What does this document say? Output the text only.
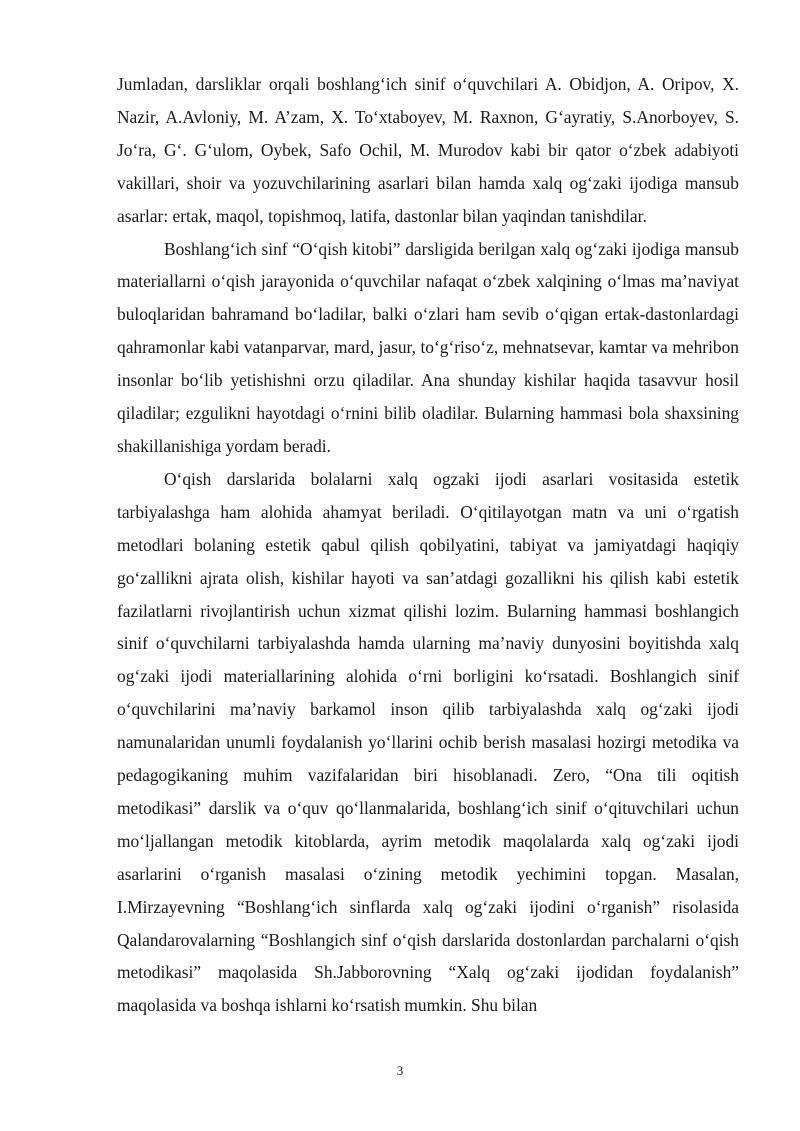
Jumladan, darsliklar orqali boshlang‘ich sinif o‘quvchilari A. Obidjon, A. Oripov, X. Nazir, A.Avloniy, M. A’zam, X. To‘xtaboyev, M. Raxnon, G‘ayratiy, S.Anorboyev, S. Jo‘ra, G‘. G‘ulom, Oybek, Safo Ochil, M. Murodov kabi bir qator o‘zbek adabiyoti vakillari, shoir va yozuvchilarining asarlari bilan hamda xalq og‘zaki ijodiga mansub asarlar: ertak, maqol, topishmoq, latifa, dastonlar bilan yaqindan tanishdilar.

Boshlang‘ich sinf “O‘qish kitobi” darsligida berilgan xalq og‘zaki ijodiga mansub materiallarni o‘qish jarayonida o‘quvchilar nafaqat o‘zbek xalqining o‘lmas ma’naviyat buloqlaridan bahramand bo‘ladilar, balki o‘zlari ham sevib o‘qigan ertak-dastonlardagi qahramonlar kabi vatanparvar, mard, jasur, to‘g‘riso‘z, mehnatsevar, kamtar va mehribon insonlar bo‘lib yetishishni orzu qiladilar. Ana shunday kishilar haqida tasavvur hosil qiladilar; ezgulikni hayotdagi o‘rnini bilib oladilar. Bularning hammasi bola shaxsining shakillanishiga yordam beradi.

O‘qish darslarida bolalarni xalq ogzaki ijodi asarlari vositasida estetik tarbiyalashga ham alohida ahamyat beriladi. O‘qitilayotgan matn va uni o‘rgatish metodlari bolaning estetik qabul qilish qobilyatini, tabiyat va jamiyatdagi haqiqiy go‘zallikni ajrata olish, kishilar hayoti va san’atdagi gozallikni his qilish kabi estetik fazilatlarni rivojlantirish uchun xizmat qilishi lozim. Bularning hammasi boshlangich sinif o‘quvchilarni tarbiyalashda hamda ularning ma’naviy dunyosini boyitishda xalq og‘zaki ijodi materiallarining alohida o‘rni borligini ko‘rsatadi. Boshlangich sinif o‘quvchilarini ma’naviy barkamol inson qilib tarbiyalashda xalq og‘zaki ijodi namunalaridan unumli foydalanish yo‘llarini ochib berish masalasi hozirgi metodika va pedagogikaning muhim vazifalaridan biri hisoblanadi. Zero, “Ona tili oqitish metodikasi” darslik va o‘quv qo‘llanmalarida, boshlang‘ich sinif o‘qituvchilari uchun mo‘ljallangan metodik kitoblarda, ayrim metodik maqolalarda xalq og‘zaki ijodi asarlarini o‘rganish masalasi o‘zining metodik yechimini topgan. Masalan, I.Mirzayevning “Boshlang‘ich sinflarda xalq og‘zaki ijodini o‘rganish” risolasida Qalandarovalarning “Boshlangich sinf o‘qish darslarida dostonlardan parchalarni o‘qish metodikasi” maqolasida Sh.Jabborovning “Xalq og‘zaki ijodidan foydalanish” maqolasida va boshqa ishlarni ko‘rsatish mumkin. Shu bilan

3
